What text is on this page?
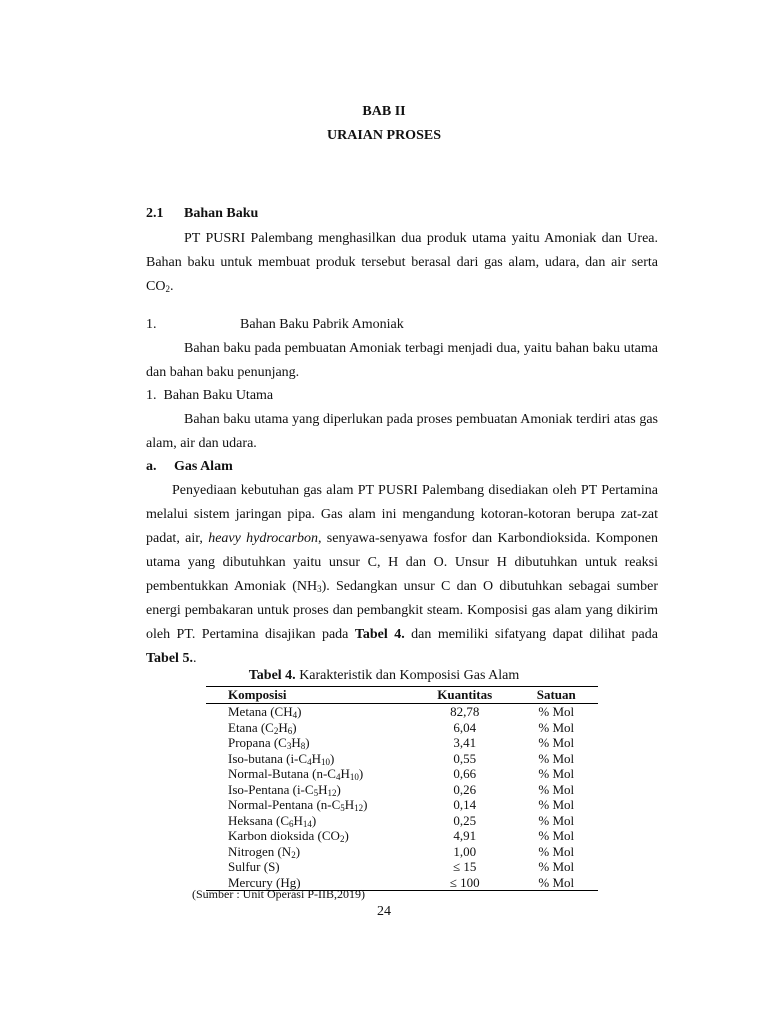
BAB II
URAIAN PROSES
2.1 Bahan Baku
PT PUSRI Palembang menghasilkan dua produk utama yaitu Amoniak dan Urea. Bahan baku untuk membuat produk tersebut berasal dari gas alam, udara, dan air serta $CO_2$.
1.	Bahan Baku Pabrik Amoniak
Bahan baku pada pembuatan Amoniak terbagi menjadi dua, yaitu bahan baku utama dan bahan baku penunjang.
1. Bahan Baku Utama
Bahan baku utama yang diperlukan pada proses pembuatan Amoniak terdiri atas gas alam, air dan udara.
a. Gas Alam
Penyediaan kebutuhan gas alam PT PUSRI Palembang disediakan oleh PT Pertamina melalui sistem jaringan pipa. Gas alam ini mengandung kotoran-kotoran berupa zat-zat padat, air, heavy hydrocarbon, senyawa-senyawa fosfor dan Karbondioksida. Komponen utama yang dibutuhkan yaitu unsur C, H dan O. Unsur H dibutuhkan untuk reaksi pembentukkan Amoniak $(NH_3)$. Sedangkan unsur C dan O dibutuhkan sebagai sumber energi pembakaran untuk proses dan pembangkit steam. Komposisi gas alam yang dikirim oleh PT. Pertamina disajikan pada Tabel 4. dan memiliki sifatyang dapat dilihat pada Tabel 5..
Tabel 4. Karakteristik dan Komposisi Gas Alam
Komposisi	Kuantitas	Satuan
Metana $(CH_4)$	82,78	% Mol
Etana $(C_2H_6)$	6,04	% Mol
Propana $(C_3H_8)$	3,41	% Mol
Iso-butana $(i-C_4H_{10})$	0,55	% Mol
Normal-Butana $(n-C_4H_{10})$	0,66	% Mol
Iso-Pentana $(i-C_5H_{12})$	0,26	% Mol
Normal-Pentana $(n-C_5H_{12})$	0,14	% Mol
Heksana $(C_6H_{14})$	0,25	% Mol
Karbon dioksida $(CO_2)$	4,91	% Mol
Nitrogen $(N_2)$	1,00	% Mol
Sulfur (S)	≤ 15	% Mol
Mercury (Hg)	≤ 100	% Mol
(Sumber : Unit Operasi P-IIB,2019)
24
